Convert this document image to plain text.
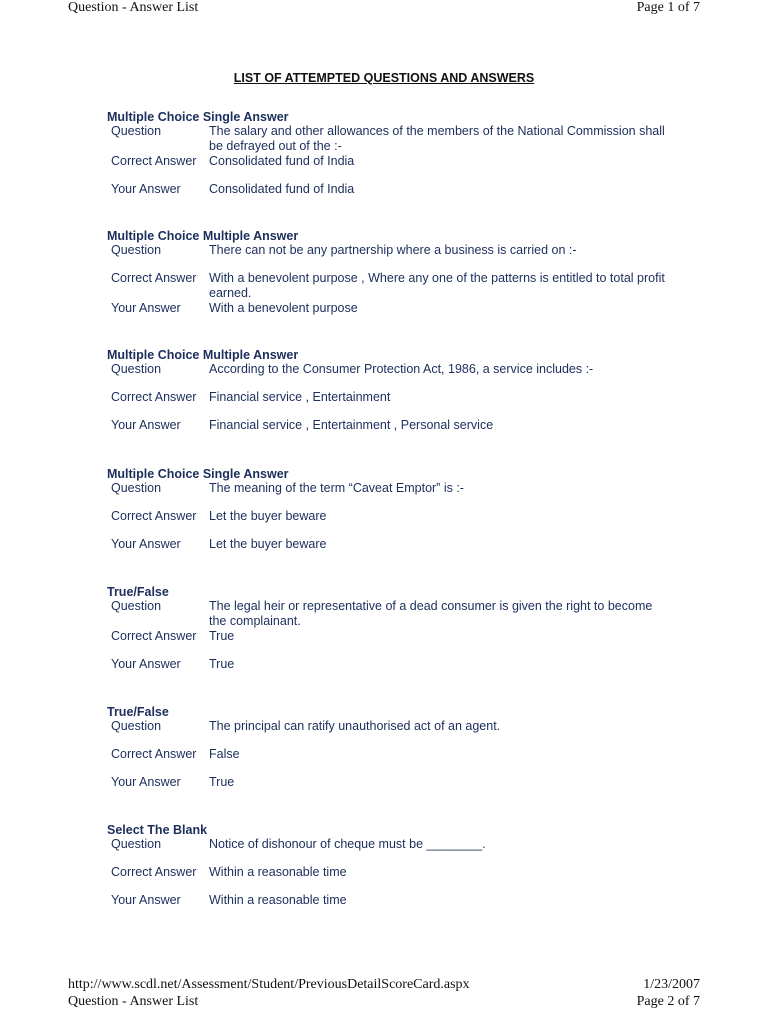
Question - Answer List	Page 1 of 7
LIST OF ATTEMPTED QUESTIONS AND ANSWERS
Multiple Choice Single Answer
Question	The salary and other allowances of the members of the National Commission shall be defrayed out of the :-
Correct Answer	Consolidated fund of India
Your Answer	Consolidated fund of India
Multiple Choice Multiple Answer
Question	There can not be any partnership where a business is carried on :-
Correct Answer	With a benevolent purpose , Where any one of the patterns is entitled to total profit earned.
Your Answer	With a benevolent purpose
Multiple Choice Multiple Answer
Question	According to the Consumer Protection Act, 1986, a service includes :-
Correct Answer	Financial service , Entertainment
Your Answer	Financial service , Entertainment , Personal service
Multiple Choice Single Answer
Question	The meaning of the term “Caveat Emptor” is :-
Correct Answer	Let the buyer beware
Your Answer	Let the buyer beware
True/False
Question	The legal heir or representative of a dead consumer is given the right to become the complainant.
Correct Answer	True
Your Answer	True
True/False
Question	The principal can ratify unauthorised act of an agent.
Correct Answer	False
Your Answer	True
Select The Blank
Question	Notice of dishonour of cheque must be ________.
Correct Answer	Within a reasonable time
Your Answer	Within a reasonable time
http://www.scdl.net/Assessment/Student/PreviousDetailScoreCard.aspx	1/23/2007
Question - Answer List	Page 2 of 7
